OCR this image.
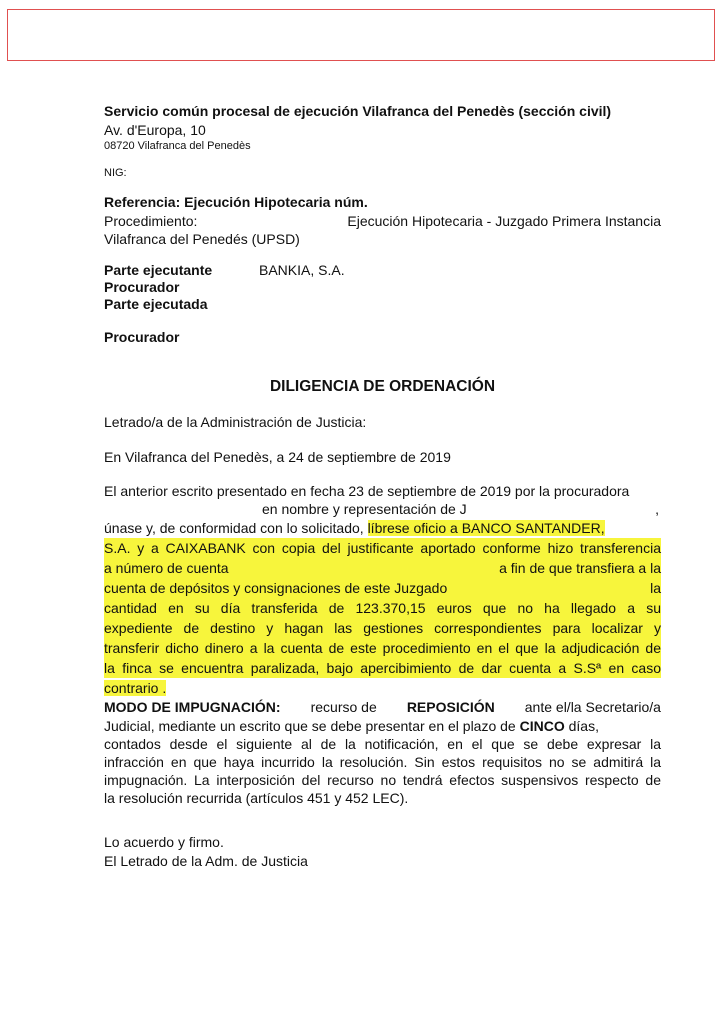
Servicio común procesal de ejecución Vilafranca del Penedès (sección civil)
Av. d'Europa, 10
08720 Vilafranca del Penedès
NIG:
Referencia: Ejecución Hipotecaria núm.
Procedimiento:	Ejecución Hipotecaria - Juzgado Primera Instancia
Vilafranca del Penedés (UPSD)
Parte ejecutante	BANKIA, S.A.
Procurador
Parte ejecutada
Procurador
DILIGENCIA DE ORDENACIÓN
Letrado/a de la Administración de Justicia:
En Vilafranca del Penedès, a 24 de septiembre de 2019
El anterior escrito presentado en fecha 23 de septiembre de 2019 por la procuradora
en nombre y representación de J	,
únase y, de conformidad con lo solicitado, líbrese oficio a BANCO SANTANDER,
S.A. y a CAIXABANK con copia del justificante aportado conforme hizo transferencia
a número de cuenta	a fin de que transfiera a la
cuenta de depósitos y consignaciones de este Juzgado	la
cantidad en su día transferida de 123.370,15 euros que no ha llegado a su
expediente de destino y hagan las gestiones correspondientes para localizar y
transferir dicho dinero a la cuenta de este procedimiento en el que la adjudicación de
la finca se encuentra paralizada, bajo apercibimiento de dar cuenta a S.Sª en caso
contrario .
MODO DE IMPUGNACIÓN: recurso de REPOSICIÓN ante el/la Secretario/a
Judicial, mediante un escrito que se debe presentar en el plazo de CINCO días,
contados desde el siguiente al de la notificación, en el que se debe expresar la
infracción en que haya incurrido la resolución. Sin estos requisitos no se admitirá la
impugnación. La interposición del recurso no tendrá efectos suspensivos respecto de
la resolución recurrida (artículos 451 y 452 LEC).
Lo acuerdo y firmo.
El Letrado de la Adm. de Justicia
